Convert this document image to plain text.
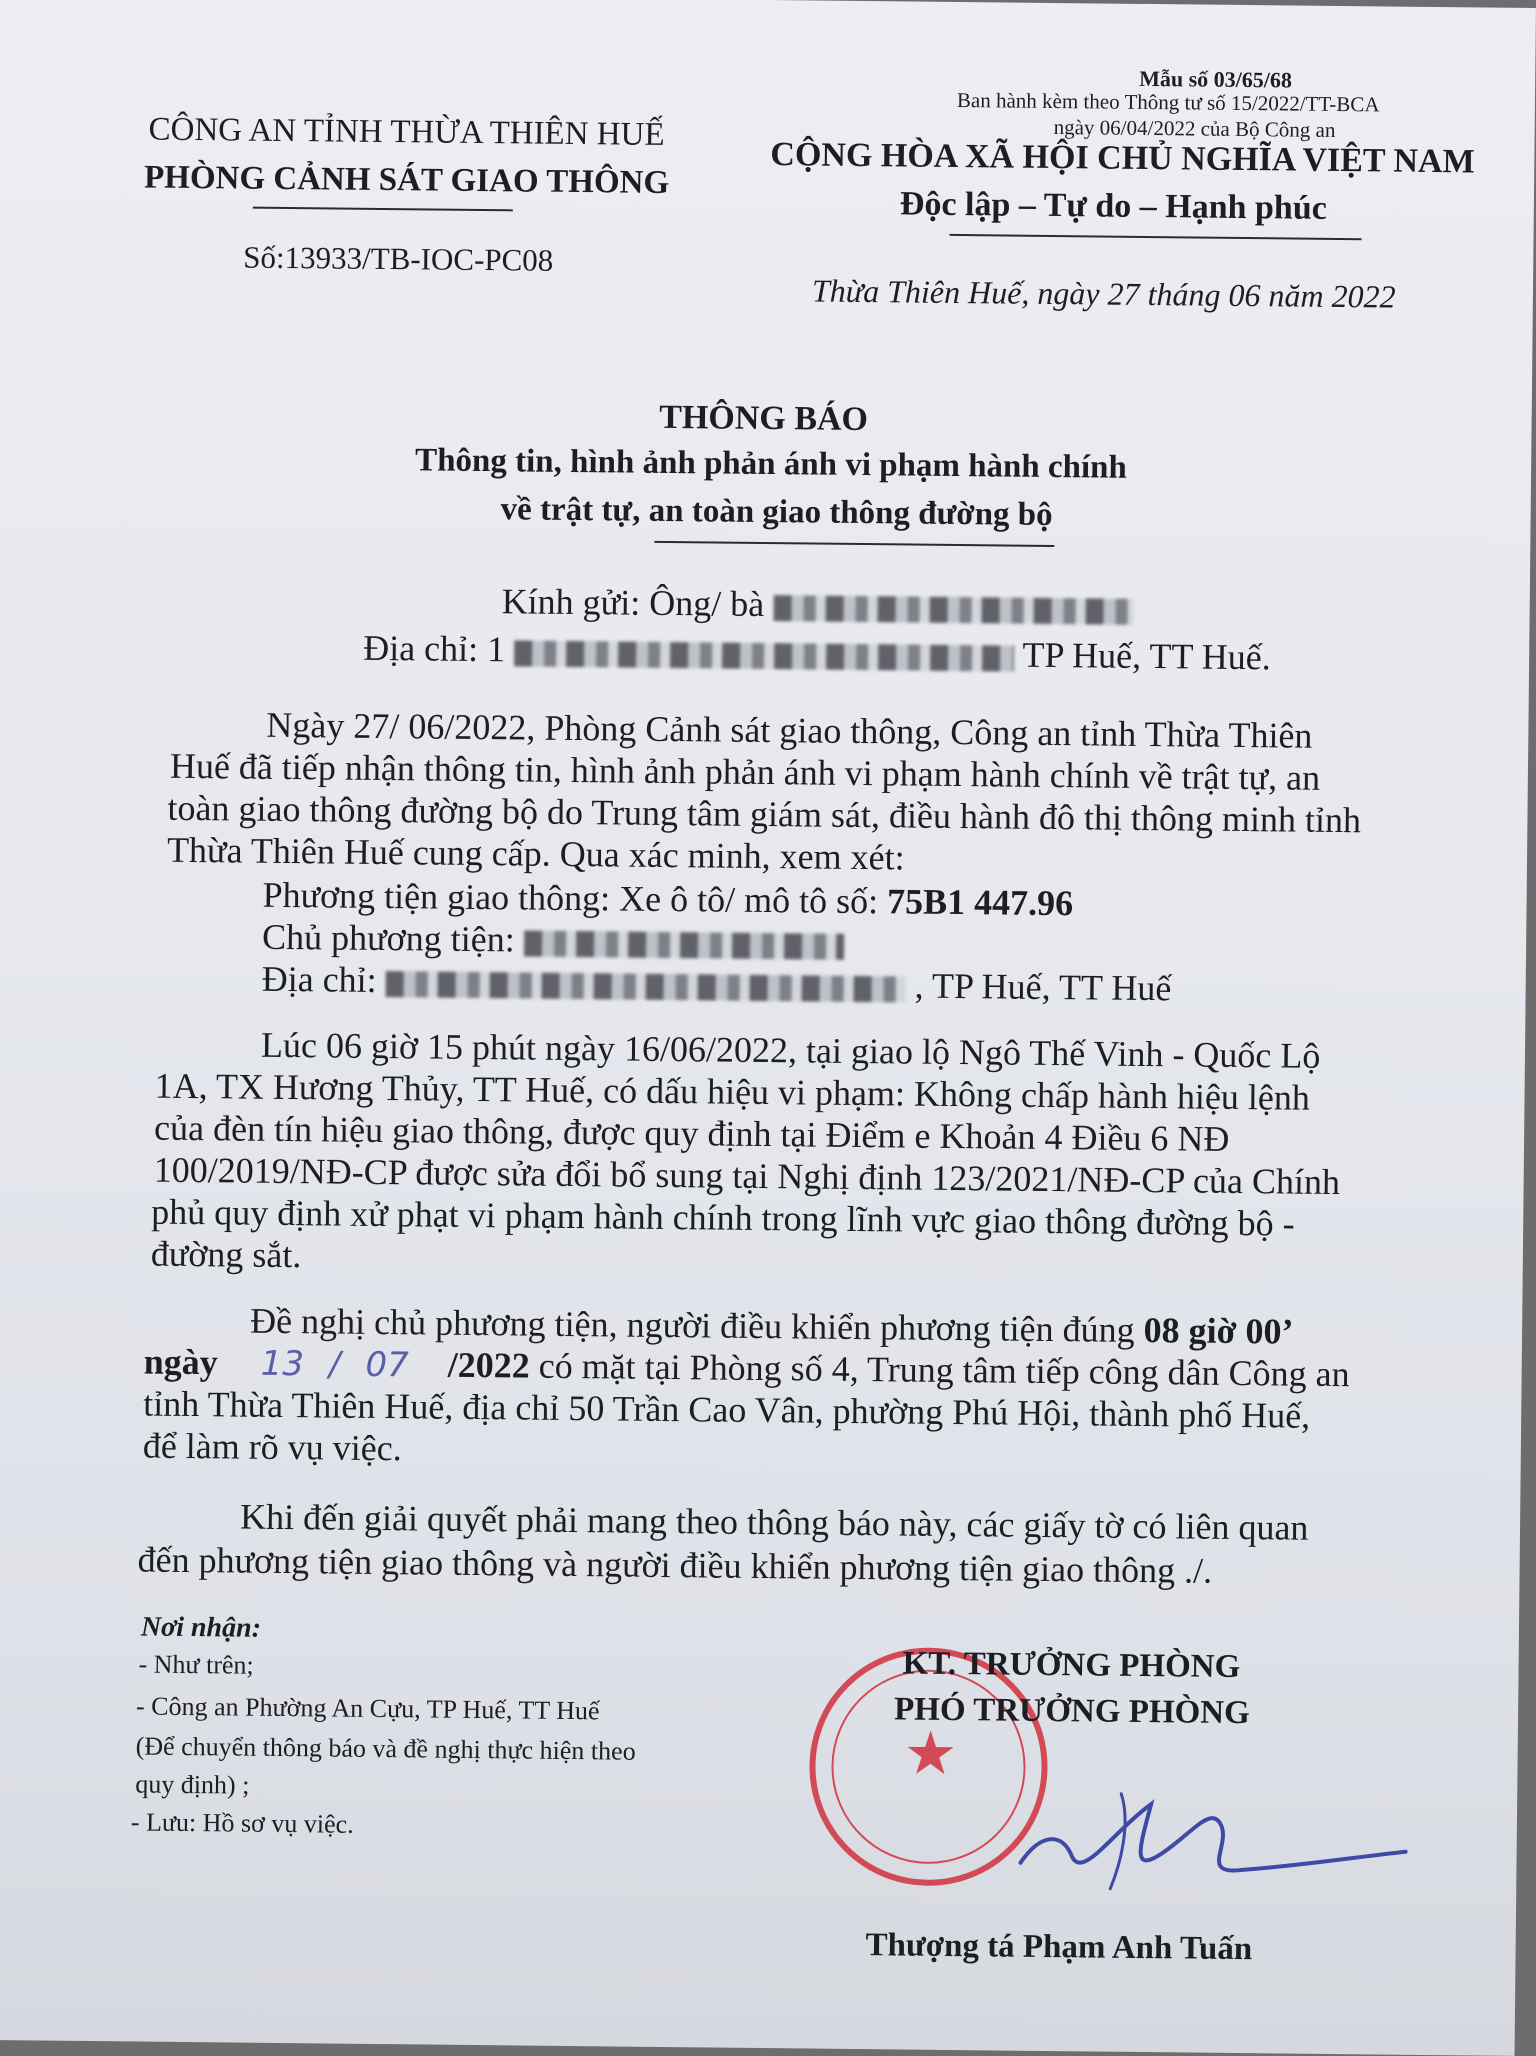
Mẫu số 03/65/68
Ban hành kèm theo Thông tư số 15/2022/TT-BCA
ngày 06/04/2022 của Bộ Công an
CÔNG AN TỈNH THỪA THIÊN HUẾ
PHÒNG CẢNH SÁT GIAO THÔNG
Số:13933/TB-IOC-PC08
CỘNG HÒA XÃ HỘI CHỦ NGHĨA VIỆT NAM
Độc lập – Tự do – Hạnh phúc
Thừa Thiên Huế, ngày 27 tháng 06 năm 2022
THÔNG BÁO
Thông tin, hình ảnh phản ánh vi phạm hành chính
về trật tự, an toàn giao thông đường bộ
Kính gửi: Ông/ bà
Địa chỉ: 1	TP Huế, TT Huế.
Ngày 27/ 06/2022, Phòng Cảnh sát giao thông, Công an tỉnh Thừa Thiên
Huế đã tiếp nhận thông tin, hình ảnh phản ánh vi phạm hành chính về trật tự, an
toàn giao thông đường bộ do Trung tâm giám sát, điều hành đô thị thông minh tỉnh
Thừa Thiên Huế cung cấp. Qua xác minh, xem xét:
Phương tiện giao thông: Xe ô tô/ mô tô số: 75B1 447.96
Chủ phương tiện:
Địa chỉ:	, TP Huế, TT Huế
Lúc 06 giờ 15 phút ngày 16/06/2022, tại giao lộ Ngô Thế Vinh - Quốc Lộ
1A, TX Hương Thủy, TT Huế, có dấu hiệu vi phạm: Không chấp hành hiệu lệnh
của đèn tín hiệu giao thông, được quy định tại Điểm e Khoản 4 Điều 6 NĐ
100/2019/NĐ-CP được sửa đổi bổ sung tại Nghị định 123/2021/NĐ-CP của Chính
phủ quy định xử phạt vi phạm hành chính trong lĩnh vực giao thông đường bộ -
đường sắt.
Đề nghị chủ phương tiện, người điều khiển phương tiện đúng 08 giờ 00’
ngày 13 / 07 /2022 có mặt tại Phòng số 4, Trung tâm tiếp công dân Công an
tỉnh Thừa Thiên Huế, địa chỉ 50 Trần Cao Vân, phường Phú Hội, thành phố Huế,
để làm rõ vụ việc.
Khi đến giải quyết phải mang theo thông báo này, các giấy tờ có liên quan
đến phương tiện giao thông và người điều khiển phương tiện giao thông ./.
Nơi nhận:
- Như trên;
- Công an Phường An Cựu, TP Huế, TT Huế
(Để chuyển thông báo và đề nghị thực hiện theo
quy định) ;
- Lưu: Hồ sơ vụ việc.
★
KT. TRƯỞNG PHÒNG
PHÓ TRƯỞNG PHÒNG
Thượng tá Phạm Anh Tuấn
